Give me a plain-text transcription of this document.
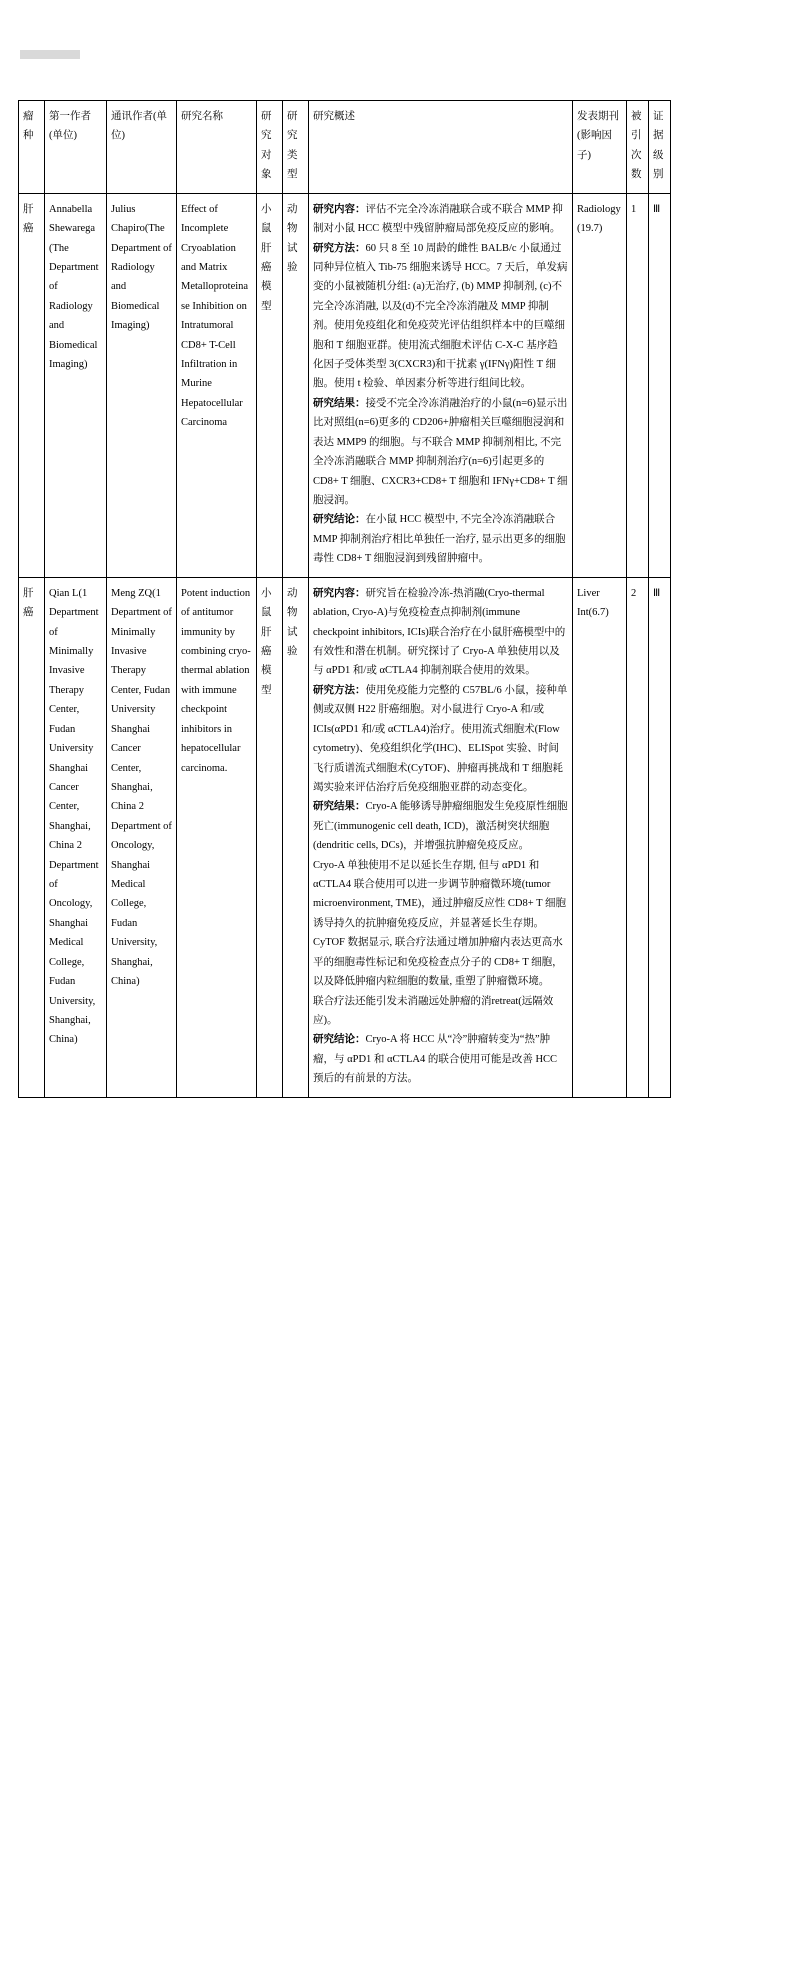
瘤种	第一作者(单位)	通讯作者(单位)	研究名称	研究对象	研究类型	研究概述	发表期刊(影响因子)	被引次数	证据级别
肝癌	Annabella Shewarega (The Department of Radiology and Biomedical Imaging)	Julius Chapiro(The Department of Radiology and Biomedical Imaging)	Effect of Incomplete Cryoablation and Matrix Metalloproteinase Inhibition on Intratumoral CD8+ T-Cell Infiltration in Murine Hepatocellular Carcinoma	小鼠肝癌模型	动物试验	研究内容：评估不完全冷冻消融联合或不联合 MMP 抑制对小鼠 HCC 模型中残留肿瘤局部免疫反应的影响。

研究方法：60 只 8 至 10 周龄的雌性 BALB/c 小鼠通过同种异位植入 Tib-75 细胞来诱导 HCC。7 天后，单发病变的小鼠被随机分组: (a)无治疗, (b) MMP 抑制剂, (c)不完全冷冻消融, 以及(d)不完全冷冻消融及 MMP 抑制剂。使用免疫组化和免疫荧光评估组织样本中的巨噬细胞和 T 细胞亚群。使用流式细胞术评估 C-X-C 基序趋化因子受体类型 3(CXCR3)和干扰素 γ(IFNγ)阳性 T 细胞。使用 t 检验、单因素分析等进行组间比较。

研究结果：接受不完全冷冻消融治疗的小鼠(n=6)显示出比对照组(n=6)更多的 CD206+肿瘤相关巨噬细胞浸润和表达 MMP9 的细胞。与不联合 MMP 抑制剂相比, 不完全冷冻消融联合 MMP 抑制剂治疗(n=6)引起更多的 CD8+ T 细胞、CXCR3+CD8+ T 细胞和 IFNγ+CD8+ T 细胞浸润。

研究结论：在小鼠 HCC 模型中, 不完全冷冻消融联合 MMP 抑制剂治疗相比单独任一治疗, 显示出更多的细胞毒性 CD8+ T 细胞浸润到残留肿瘤中。	Radiology(19.7)	1	Ⅲ
肝癌	Qian L(1 Department of Minimally Invasive Therapy Center, Fudan University Shanghai Cancer Center, Shanghai, China 2 Department of Oncology, Shanghai Medical College, Fudan University, Shanghai, China)	Meng ZQ(1 Department of Minimally Invasive Therapy Center, Fudan University Shanghai Cancer Center, Shanghai, China 2 Department of Oncology, Shanghai Medical College, Fudan University, Shanghai, China)	Potent induction of antitumor immunity by combining cryo-thermal ablation with immune checkpoint inhibitors in hepatocellular carcinoma.	小鼠肝癌模型	动物试验	

研究内容：研究旨在检验冷冻-热消融(Cryo-thermal ablation, Cryo-A)与免疫检查点抑制剂(immune checkpoint inhibitors, ICIs)联合治疗在小鼠肝癌模型中的有效性和潜在机制。研究探讨了 Cryo-A 单独使用以及与 αPD1 和/或 αCTLA4 抑制剂联合使用的效果。

研究方法：使用免疫能力完整的 C57BL/6 小鼠，接种单侧或双侧 H22 肝癌细胞。对小鼠进行 Cryo-A 和/或 ICIs(αPD1 和/或 αCTLA4)治疗。使用流式细胞术(Flow cytometry)、免疫组织化学(IHC)、ELISpot 实验、时间飞行质谱流式细胞术(CyTOF)、肿瘤再挑战和 T 细胞耗竭实验来评估治疗后免疫细胞亚群的动态变化。

研究结果：Cryo-A 能够诱导肿瘤细胞发生免疫原性细胞死亡(immunogenic cell death, ICD)，激活树突状细胞(dendritic cells, DCs)，并增强抗肿瘤免疫反应。

Cryo-A 单独使用不足以延长生存期, 但与 αPD1 和 αCTLA4 联合使用可以进一步调节肿瘤微环境(tumor microenvironment, TME)，通过肿瘤反应性 CD8+ T 细胞诱导持久的抗肿瘤免疫反应，并显著延长生存期。

CyTOF 数据显示, 联合疗法通过增加肿瘤内表达更高水平的细胞毒性标记和免疫检查点分子的 CD8+ T 细胞，以及降低肿瘤内粒细胞的数量, 重塑了肿瘤微环境。

联合疗法还能引发未消融远处肿瘤的消retreat(远隔效应)。

研究结论：Cryo-A 将 HCC 从“冷”肿瘤转变为“热”肿瘤，与 αPD1 和 αCTLA4 的联合使用可能是改善 HCC 预后的有前景的方法。

	Liver Int(6.7)	2	Ⅲ
